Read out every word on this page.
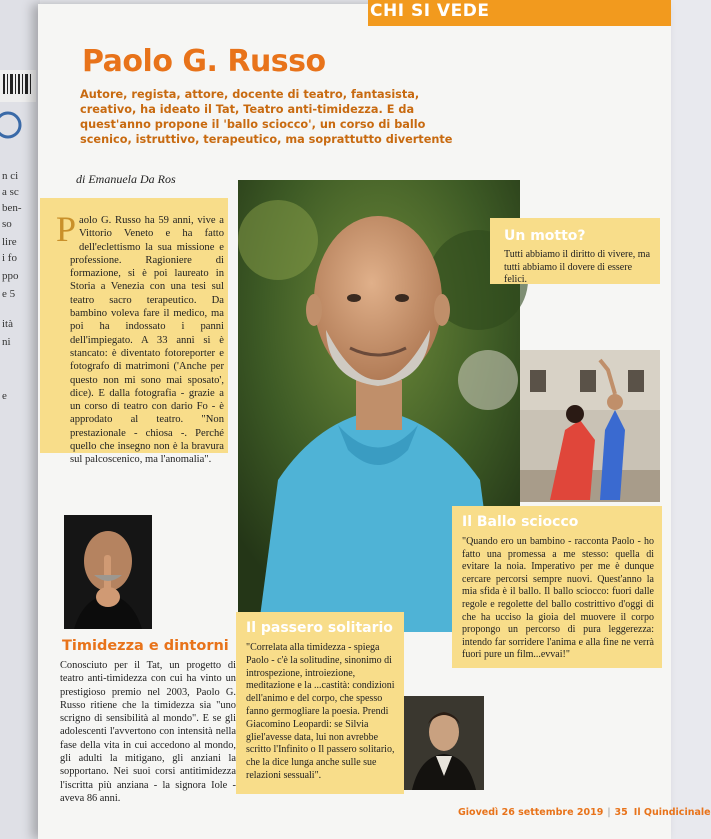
n ci
a sc
ben-
so
lire
i fo
ppo
e 5
ità
ni
e
CHI SI VEDE
Paolo G. Russo
Autore, regista, attore, docente di teatro, fantasista, creativo, ha ideato il Tat, Teatro anti-timidezza. E da quest'anno propone il 'ballo sciocco', un corso di ballo scenico, istruttivo, terapeutico, ma soprattutto divertente
di Emanuela Da Ros
P aolo G. Russo ha 59 anni, vive a Vittorio Veneto e ha fatto dell'eclettismo la sua missione e professione. Ragioniere di formazione, si è poi laureato in Storia a Venezia con una tesi sul teatro sacro terapeutico. Da bambino voleva fare il medico, ma poi ha indossato i panni dell'impiegato. A 33 anni si è stancato: è diventato fotoreporter e fotografo di matrimoni ('Anche per questo non mi sono mai sposato', dice). E dalla fotografia - grazie a un corso di teatro con dario Fo - è approdato al teatro. "Non prestazionale - chiosa -. Perché quello che insegno non è la bravura sul palcoscenico, ma l'anomalia".
Un motto?
Tutti abbiamo il diritto di vivere, ma tutti abbiamo il dovere di essere felici.
Il Ballo sciocco
"Quando ero un bambino - racconta Paolo - ho fatto una promessa a me stesso: quella di evitare la noia. Imperativo per me è dunque cercare percorsi sempre nuovi. Quest'anno la mia sfida è il ballo. Il ballo sciocco: fuori dalle regole e regolette del ballo costrittivo d'oggi di che ha ucciso la gioia del muovere il corpo propongo un percorso di pura leggerezza: intendo far sorridere l'anima e alla fine ne verrà fuori pure un film...evvai!"
Timidezza e dintorni
Conosciuto per il Tat, un progetto di teatro anti-timidezza con cui ha vinto un prestigioso premio nel 2003, Paolo G. Russo ritiene che la timidezza sia "uno scrigno di sensibilità al mondo". E se gli adolescenti l'avvertono con intensità nella fase della vita in cui accedono al mondo, gli adulti la mitigano, gli anziani la sopportano. Nei suoi corsi antitimidezza l'iscritta più anziana - la signora Iole - aveva 86 anni.
Il passero solitario
"Correlata alla timidezza - spiega Paolo - c'è la solitudine, sinonimo di introspezione, introiezione, meditazione e la ...castità: condizioni dell'animo e del corpo, che spesso fanno germogliare la poesia. Prendi Giacomino Leopardi: se Silvia gliel'avesse data, lui non avrebbe scritto l'Infinito o Il passero solitario, che la dice lunga anche sulle sue relazioni sessuali".
Giovedì 26 settembre 2019 | 35 Il Quindicinale
